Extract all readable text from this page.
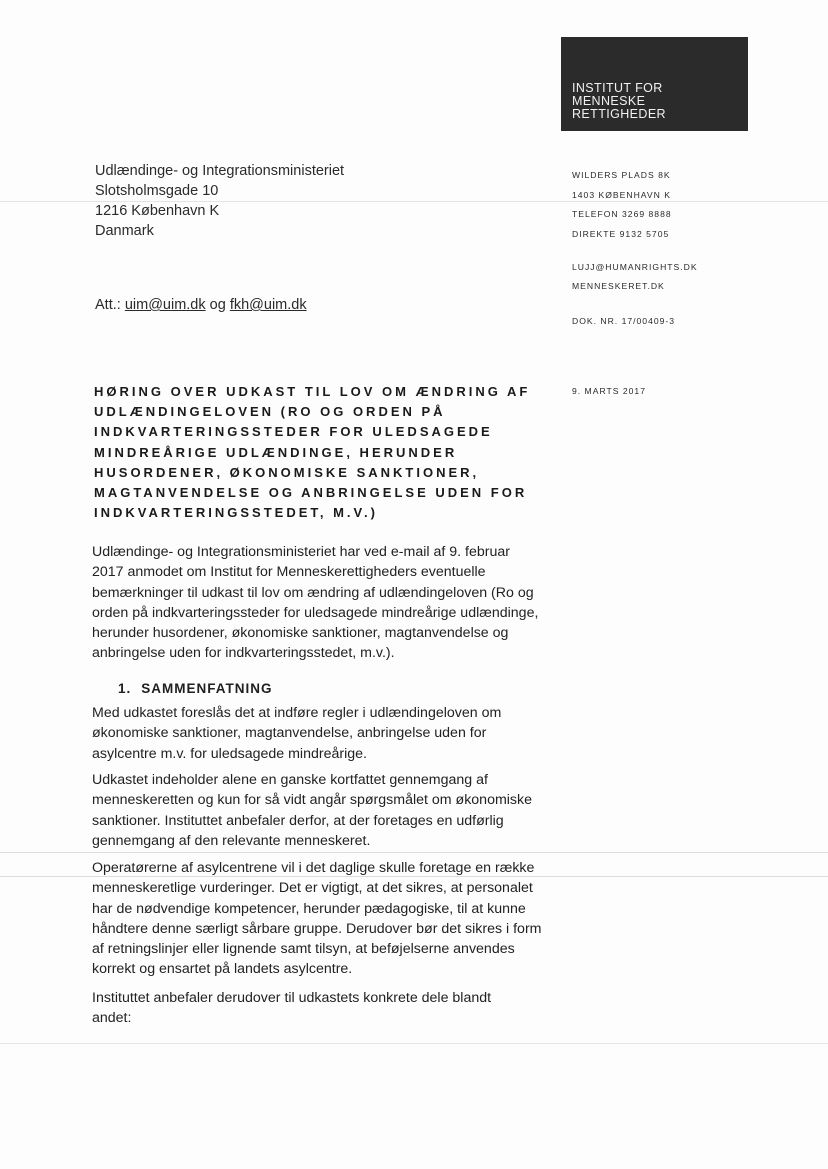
INSTITUT FOR
MENNESKE
RETTIGHEDER
Udlændinge- og Integrationsministeriet
Slotsholmsgade 10
1216 København K
Danmark
Att.: uim@uim.dk og fkh@uim.dk
WILDERS PLADS 8K
1403 KØBENHAVN K
TELEFON 3269 8888
DIREKTE 9132 5705
LUJJ@HUMANRIGHTS.DK
MENNESKERET.DK
DOK. NR. 17/00409-3
9. MARTS 2017
HØRING OVER UDKAST TIL LOV OM ÆNDRING AF
UDLÆNDINGELOVEN (RO OG ORDEN PÅ
INDKVARTERINGSSTEDER FOR ULEDSAGEDE
MINDREÅRIGE UDLÆNDINGE, HERUNDER
HUSORDENER, ØKONOMISKE SANKTIONER,
MAGTANVENDELSE OG ANBRINGELSE UDEN FOR
INDKVARTERINGSSTEDET, M.V.)
Udlændinge- og Integrationsministeriet har ved e-mail af 9. februar
2017 anmodet om Institut for Menneskerettigheders eventuelle
bemærkninger til udkast til lov om ændring af udlændingeloven (Ro og
orden på indkvarteringssteder for uledsagede mindreårige udlændinge,
herunder husordener, økonomiske sanktioner, magtanvendelse og
anbringelse uden for indkvarteringsstedet, m.v.).
1. SAMMENFATNING
Med udkastet foreslås det at indføre regler i udlændingeloven om
økonomiske sanktioner, magtanvendelse, anbringelse uden for
asylcentre m.v. for uledsagede mindreårige.
Udkastet indeholder alene en ganske kortfattet gennemgang af
menneskeretten og kun for så vidt angår spørgsmålet om økonomiske
sanktioner. Instituttet anbefaler derfor, at der foretages en udførlig
gennemgang af den relevante menneskeret.
Operatørerne af asylcentrene vil i det daglige skulle foretage en række
menneskeretlige vurderinger. Det er vigtigt, at det sikres, at personalet
har de nødvendige kompetencer, herunder pædagogiske, til at kunne
håndtere denne særligt sårbare gruppe. Derudover bør det sikres i form
af retningslinjer eller lignende samt tilsyn, at beføjelserne anvendes
korrekt og ensartet på landets asylcentre.
Instituttet anbefaler derudover til udkastets konkrete dele blandt
andet:
